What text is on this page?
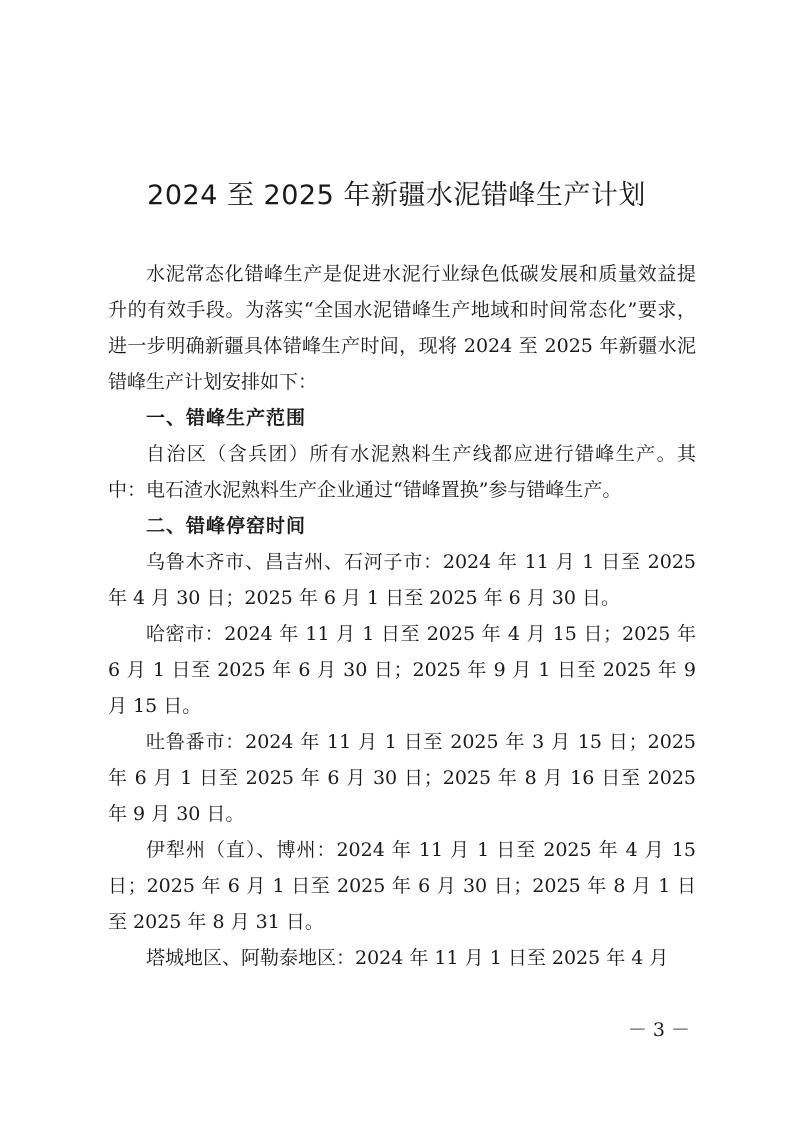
2024 至 2025 年新疆水泥错峰生产计划

水泥常态化错峰生产是促进水泥行业绿色低碳发展和质量效益提升的有效手段。为落实“全国水泥错峰生产地域和时间常态化”要求，进一步明确新疆具体错峰生产时间，现将 2024 至 2025 年新疆水泥错峰生产计划安排如下：

一、错峰生产范围

自治区（含兵团）所有水泥熟料生产线都应进行错峰生产。其中：电石渣水泥熟料生产企业通过“错峰置换”参与错峰生产。

二、错峰停窑时间

乌鲁木齐市、昌吉州、石河子市：2024 年 11 月 1 日至 2025 年 4 月 30 日；2025 年 6 月 1 日至 2025 年 6 月 30 日。

哈密市：2024 年 11 月 1 日至 2025 年 4 月 15 日；2025 年 6 月 1 日至 2025 年 6 月 30 日；2025 年 9 月 1 日至 2025 年 9 月 15 日。

吐鲁番市：2024 年 11 月 1 日至 2025 年 3 月 15 日；2025 年 6 月 1 日至 2025 年 6 月 30 日；2025 年 8 月 16 日至 2025 年 9 月 30 日。

伊犁州（直）、博州：2024 年 11 月 1 日至 2025 年 4 月 15 日；2025 年 6 月 1 日至 2025 年 6 月 30 日；2025 年 8 月 1 日至 2025 年 8 月 31 日。

塔城地区、阿勒泰地区：2024 年 11 月 1 日至 2025 年 4 月

－ 3 －
